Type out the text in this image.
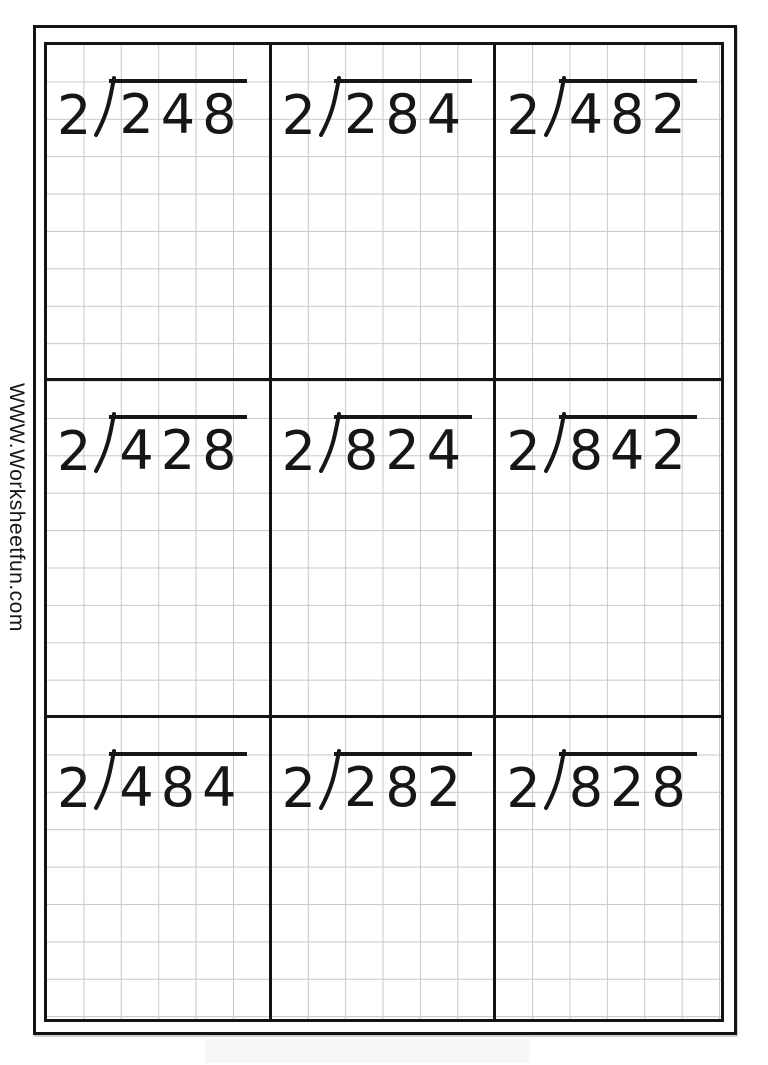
WWW.Worksheetfun.com
2 248 2 284 2 482
2 428 2 824 2 842
2 484 2 282 2 828
